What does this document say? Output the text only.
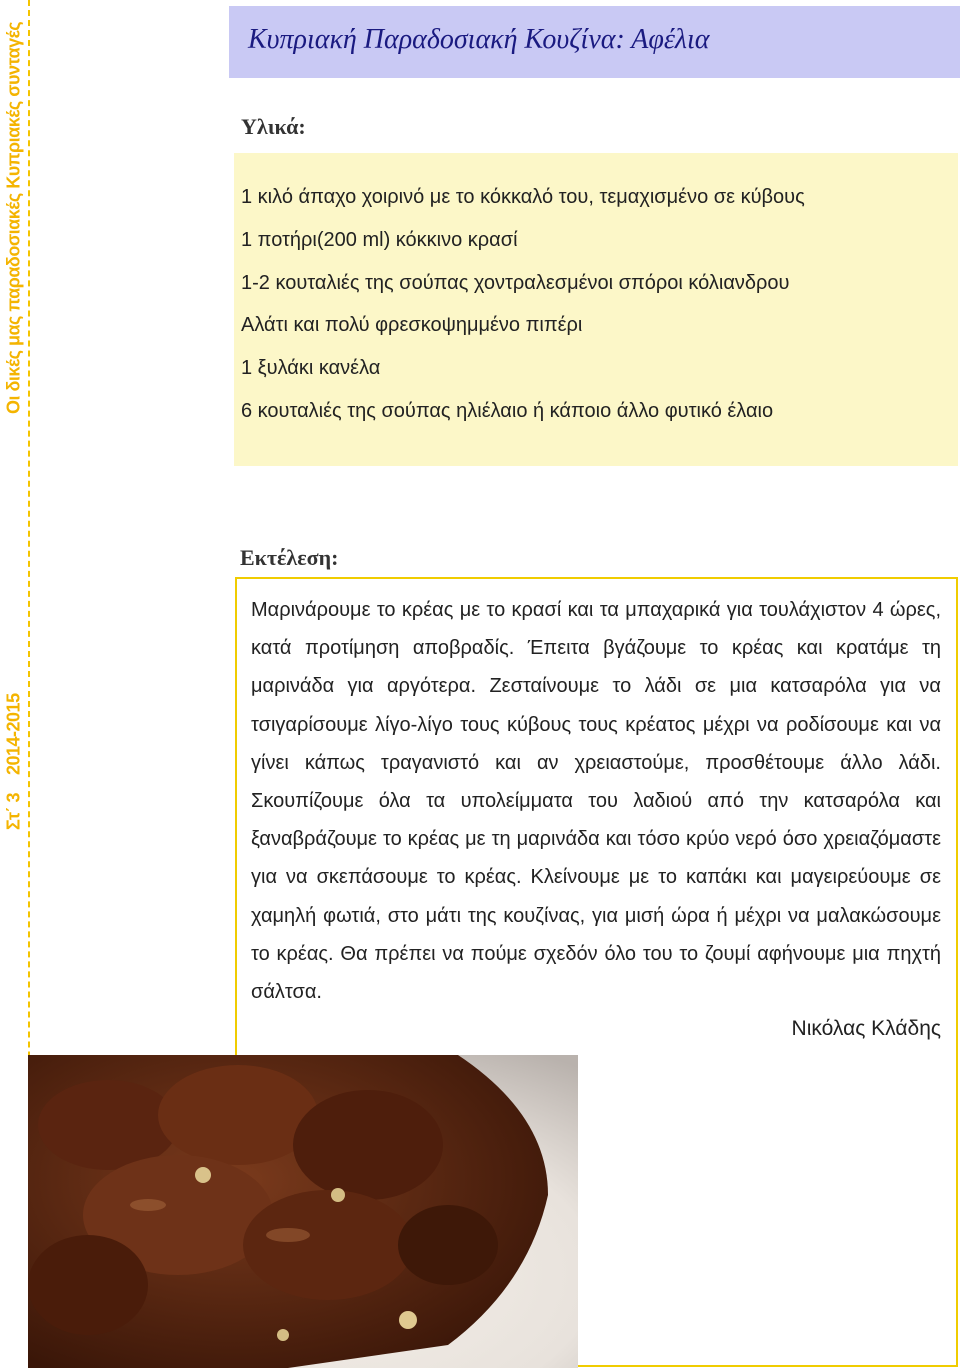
Οι δικές μας παραδοσιακές Κυπριακές συνταγές
Στ΄ 3
2014-2015
Κυπριακή Παραδοσιακή Κουζίνα: Αφέλια
Υλικά:
1 κιλό άπαχο χοιρινό με το κόκκαλό του, τεμαχισμένο σε κύβους
1 ποτήρι(200 ml) κόκκινο κρασί
1-2 κουταλιές της σούπας χοντραλεσμένοι σπόροι κόλιανδρου
Αλάτι και πολύ φρεσκοψημμένο πιπέρι
1 ξυλάκι κανέλα
6 κουταλιές της σούπας ηλιέλαιο ή κάποιο άλλο φυτικό έλαιο
Εκτέλεση:
Μαρινάρουμε το κρέας με το κρασί και τα μπαχαρικά για τουλάχιστον 4 ώρες, κατά προτίμηση αποβραδίς. Έπειτα βγάζουμε το κρέας και κρατάμε τη μαρινάδα για αργότερα. Ζεσταίνουμε το λάδι σε μια κατσαρόλα για να τσιγαρίσουμε λίγο-λίγο τους κύβους τους κρέατος μέχρι να ροδίσουμε και να γίνει κάπως τραγανιστό και αν χρειαστούμε, προσθέτουμε άλλο λάδι. Σκουπίζουμε όλα τα υπολείμματα του λαδιού από την κατσαρόλα και ξαναβράζουμε το κρέας με τη μαρινάδα και τόσο κρύο νερό όσο χρειαζόμαστε για να σκεπάσουμε το κρέας. Κλείνουμε με το καπάκι και μαγειρεύουμε σε χαμηλή φωτιά, στο μάτι της κουζίνας, για μισή ώρα ή μέχρι να μαλακώσουμε το κρέας. Θα πρέπει να πούμε σχεδόν όλο του το ζουμί αφήνουμε μια πηχτή σάλτσα.
Νικόλας Κλάδης
